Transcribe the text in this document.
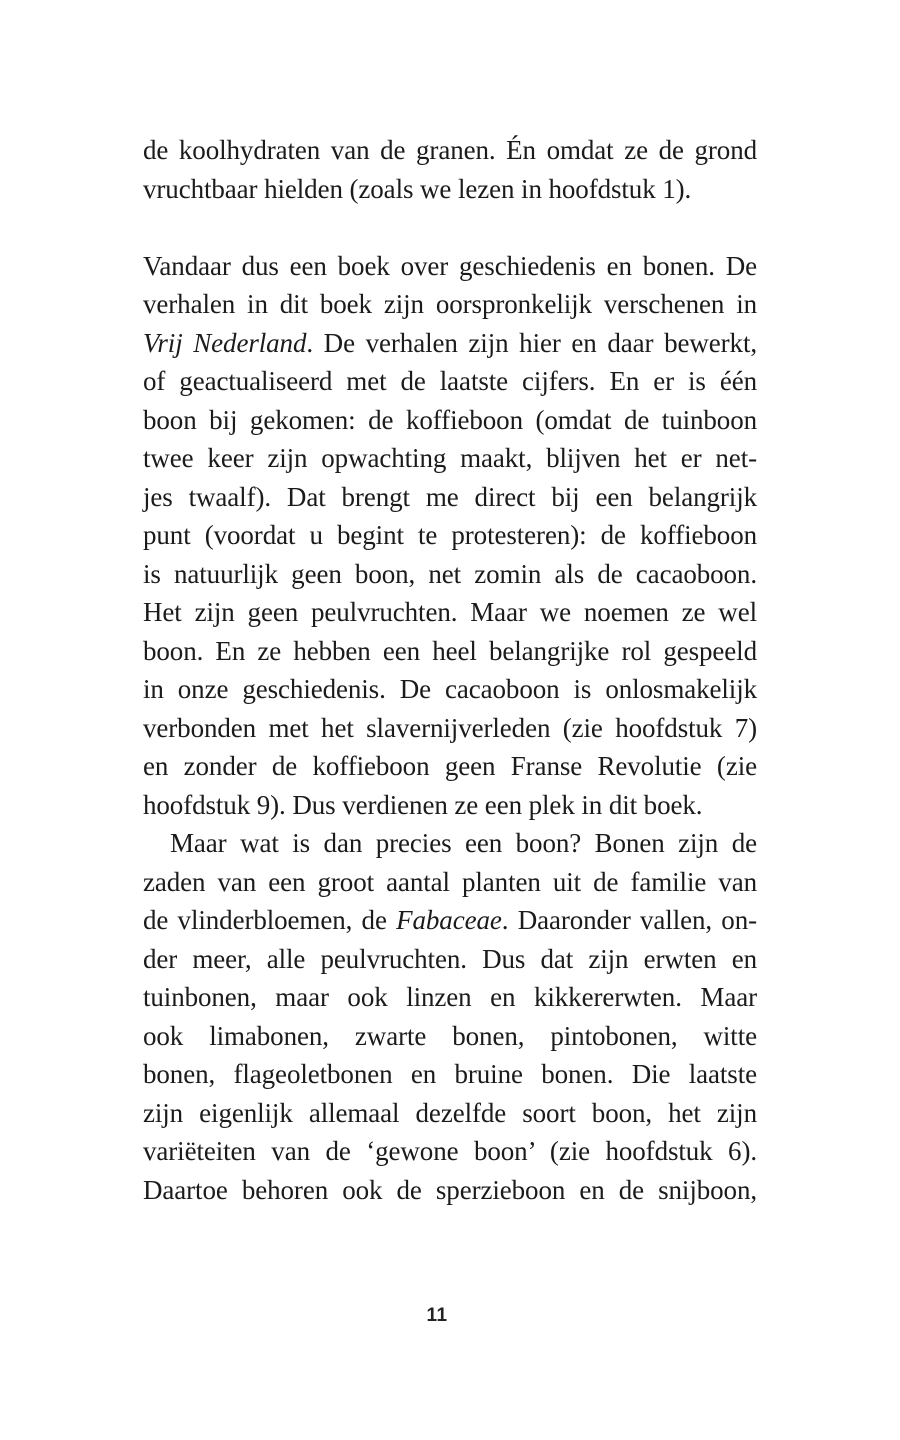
de koolhydraten van de granen. Én omdat ze de grond
vruchtbaar hielden (zoals we lezen in hoofdstuk 1).
Vandaar dus een boek over geschiedenis en bonen. De
verhalen in dit boek zijn oorspronkelijk verschenen in
Vrij Nederland. De verhalen zijn hier en daar bewerkt,
of geactualiseerd met de laatste cijfers. En er is één
boon bij gekomen: de koffieboon (omdat de tuinboon
twee keer zijn opwachting maakt, blijven het er net-
jes twaalf). Dat brengt me direct bij een belangrijk
punt (voordat u begint te protesteren): de koffieboon
is natuurlijk geen boon, net zomin als de cacaoboon.
Het zijn geen peulvruchten. Maar we noemen ze wel
boon. En ze hebben een heel belangrijke rol gespeeld
in onze geschiedenis. De cacaoboon is onlosmakelijk
verbonden met het slavernijverleden (zie hoofdstuk 7)
en zonder de koffieboon geen Franse Revolutie (zie
hoofdstuk 9). Dus verdienen ze een plek in dit boek.
Maar wat is dan precies een boon? Bonen zijn de
zaden van een groot aantal planten uit de familie van
de vlinderbloemen, de Fabaceae. Daaronder vallen, on-
der meer, alle peulvruchten. Dus dat zijn erwten en
tuinbonen, maar ook linzen en kikkererwten. Maar
ook limabonen, zwarte bonen, pintobonen, witte
bonen, flageoletbonen en bruine bonen. Die laatste
zijn eigenlijk allemaal dezelfde soort boon, het zijn
variëteiten van de ‘gewone boon’ (zie hoofdstuk 6).
Daartoe behoren ook de sperzieboon en de snijboon,
11
